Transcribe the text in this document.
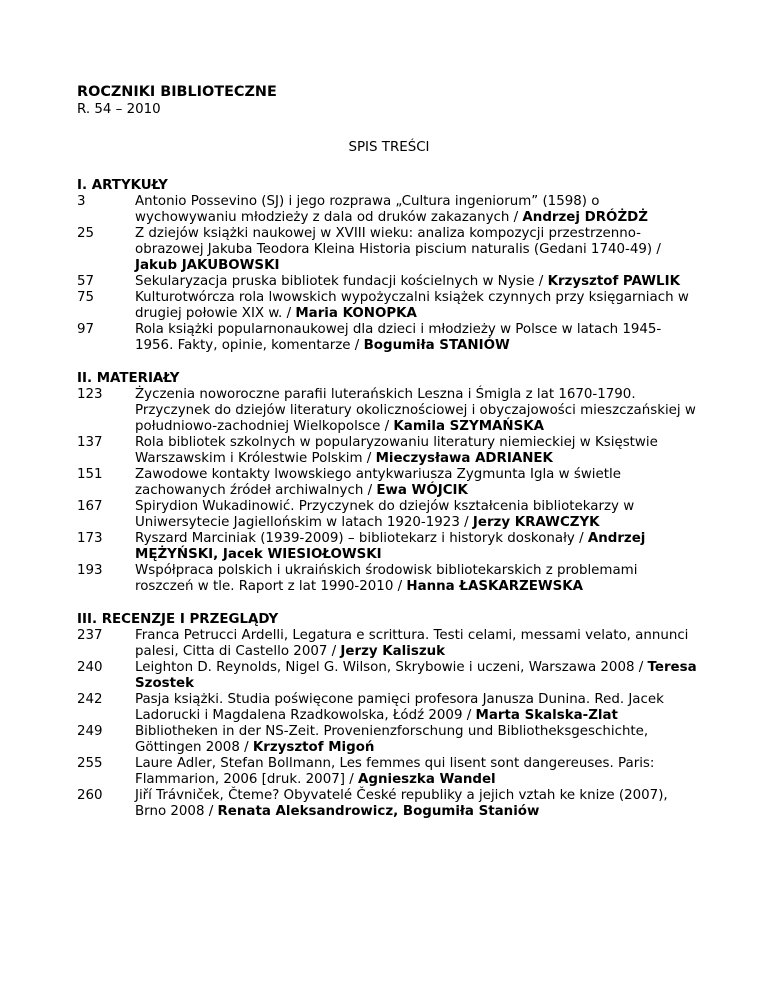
ROCZNIKI BIBLIOTECZNE
R. 54 – 2010
SPIS TREŚCI
I. ARTYKUŁY
3	Antonio Possevino (SJ) i jego rozprawa „Cultura ingeniorum” (1598) o wychowywaniu młodzieży z dala od druków zakazanych / Andrzej DRÓŻDŻ
25	Z dziejów książki naukowej w XVIII wieku: analiza kompozycji przestrzenno-obrazowej Jakuba Teodora Kleina Historia piscium naturalis (Gedani 1740-49) / Jakub JAKUBOWSKI
57	Sekularyzacja pruska bibliotek fundacji kościelnych w Nysie / Krzysztof PAWLIK
75	Kulturotwórcza rola lwowskich wypożyczalni książek czynnych przy księgarniach w drugiej połowie XIX w. / Maria KONOPKA
97	Rola książki popularnonaukowej dla dzieci i młodzieży w Polsce w latach 1945-1956. Fakty, opinie, komentarze / Bogumiła STANIÓW
II. MATERIAŁY
123	Życzenia noworoczne parafii luterańskich Leszna i Śmigla z lat 1670-1790. Przyczynek do dziejów literatury okolicznościowej i obyczajowości mieszczańskiej w południowo-zachodniej Wielkopolsce / Kamila SZYMAŃSKA
137	Rola bibliotek szkolnych w popularyzowaniu literatury niemieckiej w Księstwie Warszawskim i Królestwie Polskim / Mieczysława ADRIANEK
151	Zawodowe kontakty lwowskiego antykwariusza Zygmunta Igla w świetle zachowanych źródeł archiwalnych / Ewa WÓJCIK
167	Spirydion Wukadinowić. Przyczynek do dziejów kształcenia bibliotekarzy w Uniwersytecie Jagiellońskim w latach 1920-1923 / Jerzy KRAWCZYK
173	Ryszard Marciniak (1939-2009) – bibliotekarz i historyk doskonały / Andrzej MĘŻYŃSKI, Jacek WIESIOŁOWSKI
193	Współpraca polskich i ukraińskich środowisk bibliotekarskich z problemami roszczeń w tle. Raport z lat 1990-2010 / Hanna ŁASKARZEWSKA
III. RECENZJE I PRZEGLĄDY
237	Franca Petrucci Ardelli, Legatura e scrittura. Testi celami, messami velato, annunci palesi, Citta di Castello 2007 / Jerzy Kaliszuk
240	Leighton D. Reynolds, Nigel G. Wilson, Skrybowie i uczeni, Warszawa 2008 / Teresa Szostek
242	Pasja książki. Studia poświęcone pamięci profesora Janusza Dunina. Red. Jacek Ladorucki i Magdalena Rzadkowolska, Łódź 2009 / Marta Skalska-Zlat
249	Bibliotheken in der NS-Zeit. Provenienzforschung und Bibliotheksgeschichte, Göttingen 2008 / Krzysztof Migoń
255	Laure Adler, Stefan Bollmann, Les femmes qui lisent sont dangereuses. Paris: Flammarion, 2006 [druk. 2007] / Agnieszka Wandel
260	Jiří Trávniček, Čteme? Obyvatelé České republiky a jejich vztah ke knize (2007), Brno 2008 / Renata Aleksandrowicz, Bogumiła Staniów
